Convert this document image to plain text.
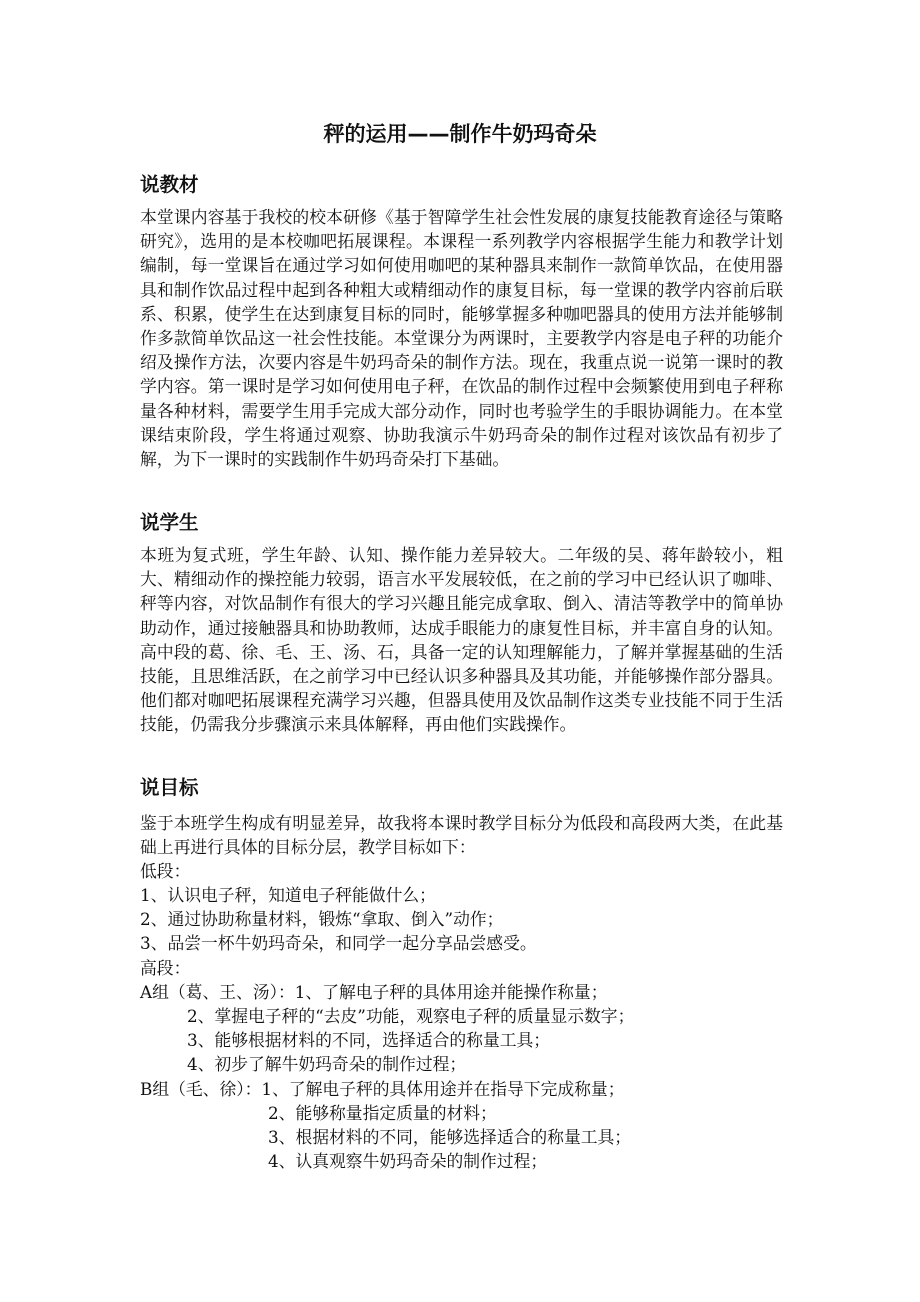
秤的运用——制作牛奶玛奇朵
说教材

本堂课内容基于我校的校本研修《基于智障学生社会性发展的康复技能教育途径与策略研究》，选用的是本校咖吧拓展课程。本课程一系列教学内容根据学生能力和教学计划编制，每一堂课旨在通过学习如何使用咖吧的某种器具来制作一款简单饮品，在使用器具和制作饮品过程中起到各种粗大或精细动作的康复目标，每一堂课的教学内容前后联系、积累，使学生在达到康复目标的同时，能够掌握多种咖吧器具的使用方法并能够制作多款简单饮品这一社会性技能。本堂课分为两课时，主要教学内容是电子秤的功能介绍及操作方法，次要内容是牛奶玛奇朵的制作方法。现在，我重点说一说第一课时的教学内容。第一课时是学习如何使用电子秤，在饮品的制作过程中会频繁使用到电子秤称量各种材料，需要学生用手完成大部分动作，同时也考验学生的手眼协调能力。在本堂课结束阶段，学生将通过观察、协助我演示牛奶玛奇朵的制作过程对该饮品有初步了解，为下一课时的实践制作牛奶玛奇朵打下基础。

说学生

本班为复式班，学生年龄、认知、操作能力差异较大。二年级的吴、蒋年龄较小，粗大、精细动作的操控能力较弱，语言水平发展较低，在之前的学习中已经认识了咖啡、秤等内容，对饮品制作有很大的学习兴趣且能完成拿取、倒入、清洁等教学中的简单协助动作，通过接触器具和协助教师，达成手眼能力的康复性目标，并丰富自身的认知。高中段的葛、徐、毛、王、汤、石，具备一定的认知理解能力，了解并掌握基础的生活技能，且思维活跃，在之前学习中已经认识多种器具及其功能，并能够操作部分器具。他们都对咖吧拓展课程充满学习兴趣，但器具使用及饮品制作这类专业技能不同于生活技能，仍需我分步骤演示来具体解释，再由他们实践操作。

说目标

鉴于本班学生构成有明显差异，故我将本课时教学目标分为低段和高段两大类，在此基础上再进行具体的目标分层，教学目标如下：

低段：
1、认识电子秤，知道电子秤能做什么；
2、通过协助称量材料，锻炼“拿取、倒入”动作；
3、品尝一杯牛奶玛奇朵，和同学一起分享品尝感受。
高段：
A组（葛、王、汤）：1、了解电子秤的具体用途并能操作称量；
2、掌握电子秤的“去皮”功能，观察电子秤的质量显示数字；
3、能够根据材料的不同，选择适合的称量工具；
4、初步了解牛奶玛奇朵的制作过程；
B组（毛、徐）：1、了解电子秤的具体用途并在指导下完成称量；
2、能够称量指定质量的材料；
3、根据材料的不同，能够选择适合的称量工具；
4、认真观察牛奶玛奇朵的制作过程；
